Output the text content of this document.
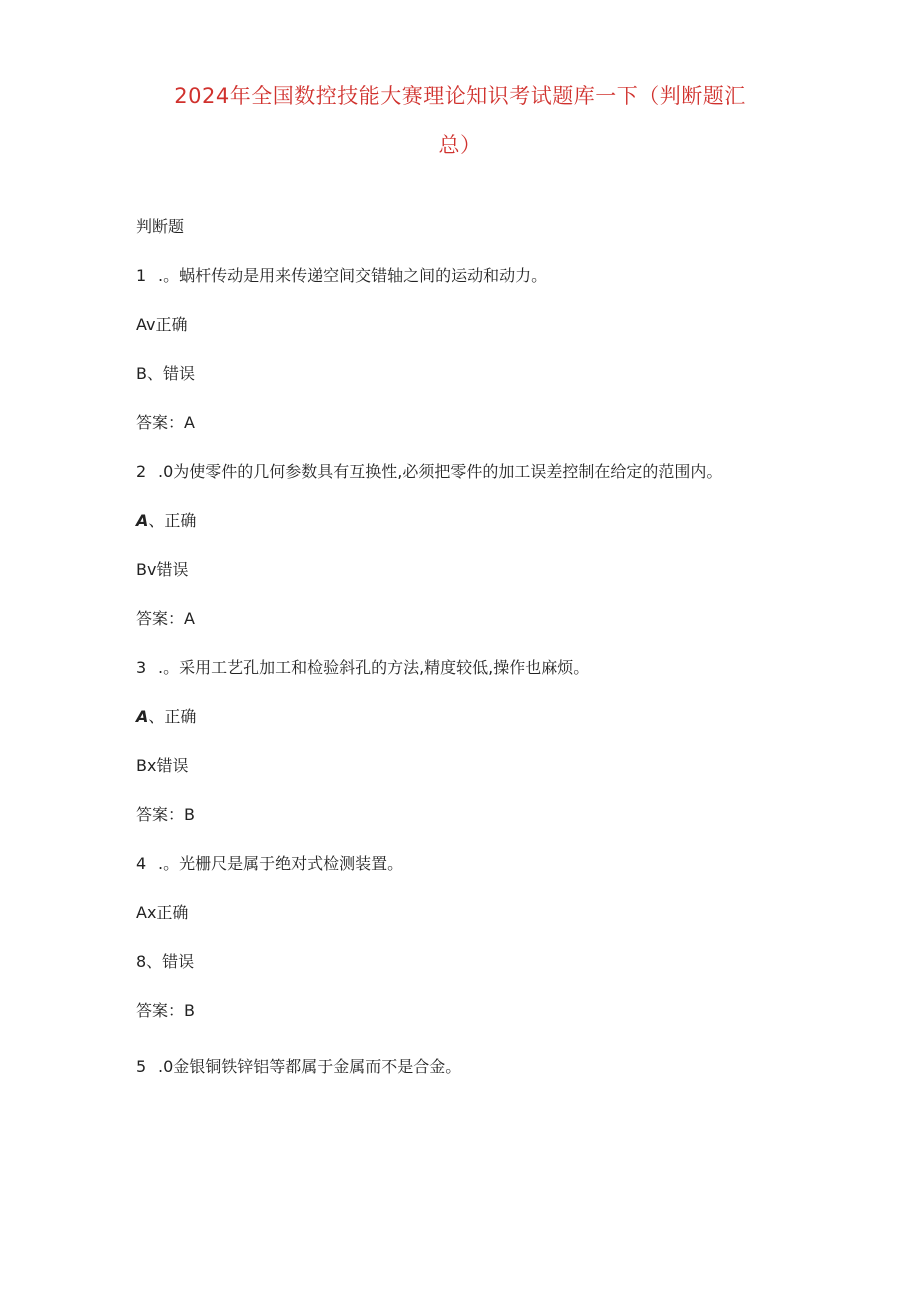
2024年全国数控技能大赛理论知识考试题库一下（判断题汇
总）
判断题
1 .。蜗杆传动是用来传递空间交错轴之间的运动和动力。
Av正确
B、错误
答案：A
2 .0为使零件的几何参数具有互换性,必须把零件的加工误差控制在给定的范围内。
A、正确
Bv错误
答案：A
3 .。采用工艺孔加工和检验斜孔的方法,精度较低,操作也麻烦。
A、正确
Bx错误
答案：B
4 .。光栅尺是属于绝对式检测装置。
Ax正确
8、错误
答案：B
5 .0金银铜铁锌铝等都属于金属而不是合金。
